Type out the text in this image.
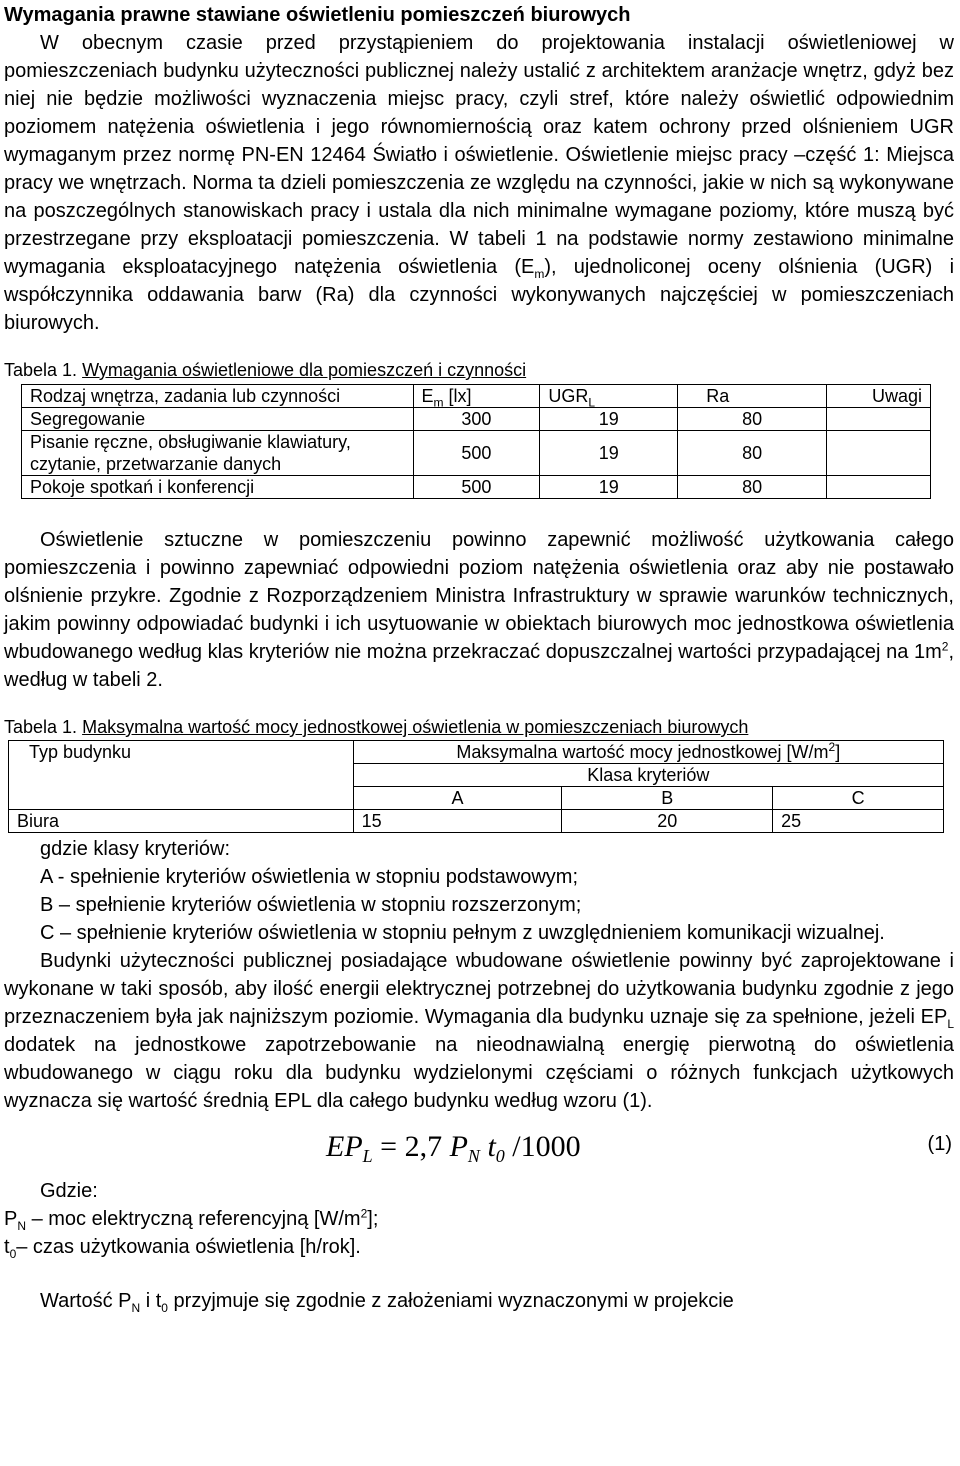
Wymagania prawne stawiane oświetleniu pomieszczeń biurowych

W obecnym czasie przed przystąpieniem do projektowania instalacji oświetleniowej w pomieszczeniach budynku użyteczności publicznej należy ustalić z architektem aranżacje wnętrz, gdyż bez niej nie będzie możliwości wyznaczenia miejsc pracy, czyli stref, które należy oświetlić odpowiednim poziomem natężenia oświetlenia i jego równomiernością oraz katem ochrony przed olśnieniem UGR wymaganym przez normę PN-EN 12464 Światło i oświetlenie. Oświetlenie miejsc pracy –część 1: Miejsca pracy we wnętrzach. Norma ta dzieli pomieszczenia ze względu na czynności, jakie w nich są wykonywane na poszczególnych stanowiskach pracy i ustala dla nich minimalne wymagane poziomy, które muszą być przestrzegane przy eksploatacji pomieszczenia. W tabeli 1 na podstawie normy zestawiono minimalne wymagania eksploatacyjnego natężenia oświetlenia $(E_m)$, ujednoliconej oceny olśnienia (UGR) i współczynnika oddawania barw (Ra) dla czynności wykonywanych najczęściej w pomieszczeniach biurowych.

Tabela 1. Wymagania oświetleniowe dla pomieszczeń i czynności

Rodzaj wnętrza, zadania lub czynności	$E_m$ [lx]	$UGR_L$	Ra	Uwagi
Segregowanie	300	19	80	

Pisanie ręczne, obsługiwanie klawiatury,
czytanie, przetwarzanie danych	500	19	80	
Pokoje spotkań i konferencji	500	19	80	

Oświetlenie sztuczne w pomieszczeniu powinno zapewnić możliwość użytkowania całego pomieszczenia i powinno zapewniać odpowiedni poziom natężenia oświetlenia oraz aby nie postawało olśnienie przykre. Zgodnie z Rozporządzeniem Ministra Infrastruktury w sprawie warunków technicznych, jakim powinny odpowiadać budynki i ich usytuowanie w obiektach biurowych moc jednostkowa oświetlenia wbudowanego według klas kryteriów nie można przekraczać dopuszczalnej wartości przypadającej na $1m^2$, według w tabeli 2.

Tabela 1. Maksymalna wartość mocy jednostkowej oświetlenia w pomieszczeniach biurowych

Typ budynku	Maksymalna wartość mocy jednostkowej $[W/m^2]$		
	Klasa kryteriów		
	A	B	C
Biura	15	20	25

gdzie klasy kryteriów:

A - spełnienie kryteriów oświetlenia w stopniu podstawowym;

B – spełnienie kryteriów oświetlenia w stopniu rozszerzonym;

C – spełnienie kryteriów oświetlenia w stopniu pełnym z uwzględnieniem komunikacji wizualnej.

Budynki użyteczności publicznej posiadające wbudowane oświetlenie powinny być zaprojektowane i wykonane w taki sposób, aby ilość energii elektrycznej potrzebnej do użytkowania budynku zgodnie z jego przeznaczeniem była jak najniższym poziomie. Wymagania dla budynku uznaje się za spełnione, jeżeli $EP_L$ dodatek na jednostkowe zapotrzebowanie na nieodnawialną energię pierwotną do oświetlenia wbudowanego w ciągu roku dla budynku wydzielonymi częściami o różnych funkcjach użytkowych wyznacza się wartość średnią EPL dla całego budynku według wzoru (1).

$EP_L = 2,7$ $P_N$ $t_0$ /1000	(1)

Gdzie:

$P_N$ – moc elektryczną referencyjną $[W/m^2]$;

$t_0-$ czas użytkowania oświetlenia [h/rok].

Wartość $P_N$ i $t_0$ przyjmuje się zgodnie z założeniami wyznaczonymi w projekcie
